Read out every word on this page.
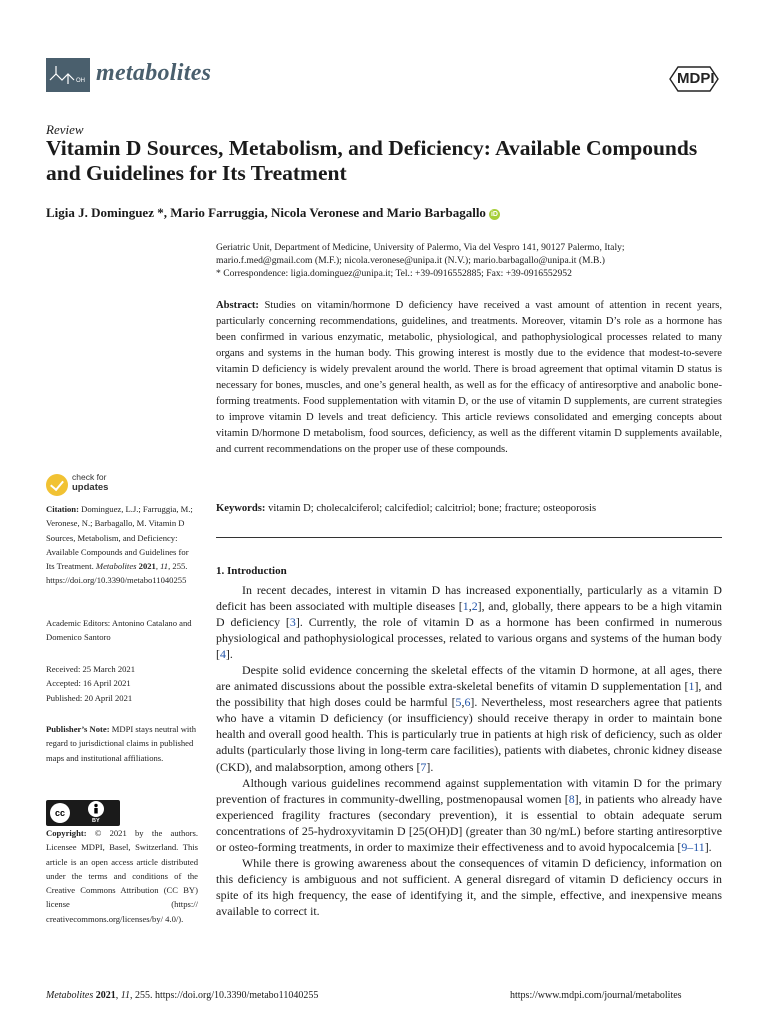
OH metabolites	MDPI
Review
Vitamin D Sources, Metabolism, and Deficiency: Available Compounds and Guidelines for Its Treatment
Ligia J. Dominguez *, Mario Farruggia, Nicola Veronese and Mario Barbagallo iD
Geriatric Unit, Department of Medicine, University of Palermo, Via del Vespro 141, 90127 Palermo, Italy;
mario.f.med@gmail.com (M.F.); nicola.veronese@unipa.it (N.V.); mario.barbagallo@unipa.it (M.B.)
* Correspondence: ligia.dominguez@unipa.it; Tel.: +39-0916552885; Fax: +39-0916552952
Abstract: Studies on vitamin/hormone D deficiency have received a vast amount of attention in recent years, particularly concerning recommendations, guidelines, and treatments. Moreover, vitamin D’s role as a hormone has been confirmed in various enzymatic, metabolic, physiological, and pathophysiological processes related to many organs and systems in the human body. This growing interest is mostly due to the evidence that modest-to-severe vitamin D deficiency is widely prevalent around the world. There is broad agreement that optimal vitamin D status is necessary for bones, muscles, and one’s general health, as well as for the efficacy of antiresorptive and anabolic bone-forming treatments. Food supplementation with vitamin D, or the use of vitamin D supplements, are current strategies to improve vitamin D levels and treat deficiency. This article reviews consolidated and emerging concepts about vitamin D/hormone D metabolism, food sources, deficiency, as well as the different vitamin D supplements available, and current recommendations on the proper use of these compounds.
Keywords: vitamin D; cholecalciferol; calcifediol; calcitriol; bone; fracture; osteoporosis
check for
updates
Citation: Dominguez, L.J.; Farruggia, M.; Veronese, N.; Barbagallo, M. Vitamin D Sources, Metabolism, and Deficiency: Available Compounds and Guidelines for Its Treatment. Metabolites 2021, 11, 255. https://doi.org/10.3390/metabo11040255
Academic Editors: Antonino Catalano and Domenico Santoro
Received: 25 March 2021
Accepted: 16 April 2021
Published: 20 April 2021
Publisher’s Note: MDPI stays neutral with regard to jurisdictional claims in published maps and institutional affiliations.
cc
BY
Copyright: © 2021 by the authors. Licensee MDPI, Basel, Switzerland. This article is an open access article distributed under the terms and conditions of the Creative Commons Attribution (CC BY) license (https:// creativecommons.org/licenses/by/ 4.0/).
1. Introduction

In recent decades, interest in vitamin D has increased exponentially, particularly as a vitamin D deficit has been associated with multiple diseases [1,2], and, globally, there appears to be a high vitamin D deficiency [3]. Currently, the role of vitamin D as a hormone has been confirmed in numerous physiological and pathophysiological processes, related to various organs and systems of the human body [4].

Despite solid evidence concerning the skeletal effects of the vitamin D hormone, at all ages, there are animated discussions about the possible extra-skeletal benefits of vitamin D supplementation [1], and the possibility that high doses could be harmful [5,6]. Nevertheless, most researchers agree that patients who have a vitamin D deficiency (or insufficiency) should receive therapy in order to maintain bone health and overall good health. This is particularly true in patients at high risk of deficiency, such as older adults (particularly those living in long-term care facilities), patients with diabetes, chronic kidney disease (CKD), and malabsorption, among others [7].

Although various guidelines recommend against supplementation with vitamin D for the primary prevention of fractures in community-dwelling, postmenopausal women [8], in patients who already have experienced fragility fractures (secondary prevention), it is essential to obtain adequate serum concentrations of 25-hydroxyvitamin D [25(OH)D] (greater than 30 ng/mL) before starting antiresorptive or osteo-forming treatments, in order to maximize their effectiveness and to avoid hypocalcemia [9–11].

While there is growing awareness about the consequences of vitamin D deficiency, information on this deficiency is ambiguous and not sufficient. A general disregard of vitamin D deficiency occurs in spite of its high frequency, the ease of identifying it, and the simple, effective, and inexpensive means available to correct it.

Metabolites 2021, 11, 255. https://doi.org/10.3390/metabo11040255	https://www.mdpi.com/journal/metabolites
